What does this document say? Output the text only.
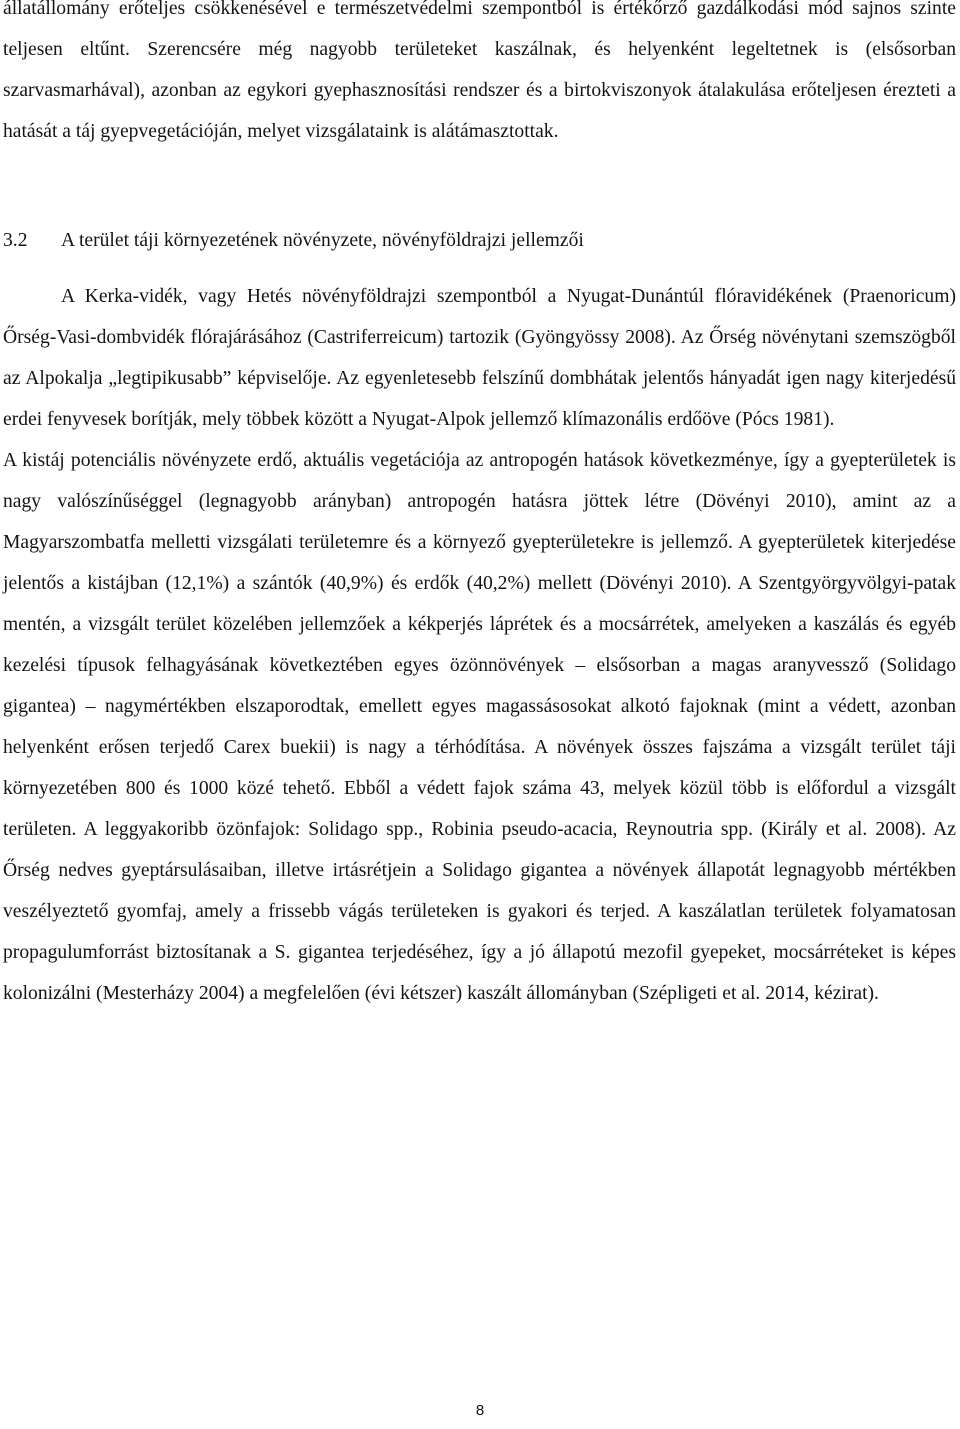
állatállomány erőteljes csökkenésével e természetvédelmi szempontból is értékőrző gazdálkodási mód sajnos szinte teljesen eltűnt. Szerencsére még nagyobb területeket kaszálnak, és helyenként legeltetnek is (elsősorban szarvasmarhával), azonban az egykori gyephasznosítási rendszer és a birtokviszonyok átalakulása erőteljesen érezteti a hatását a táj gyepvegetációján, melyet vizsgálataink is alátámasztottak.

3.2 A terület táji környezetének növényzete, növényföldrajzi jellemzői

A Kerka-vidék, vagy Hetés növényföldrajzi szempontból a Nyugat-Dunántúl flóravidékének (Praenoricum) Őrség-Vasi-dombvidék flórajárásához (Castriferreicum) tartozik (Gyöngyössy 2008). Az Őrség növénytani szemszögből az Alpokalja „legtipikusabb” képviselője. Az egyenletesebb felszínű dombhátak jelentős hányadát igen nagy kiterjedésű erdei fenyvesek borítják, mely többek között a Nyugat-Alpok jellemző klímazonális erdőöve (Pócs 1981).

A kistáj potenciális növényzete erdő, aktuális vegetációja az antropogén hatások következménye, így a gyepterületek is nagy valószínűséggel (legnagyobb arányban) antropogén hatásra jöttek létre (Dövényi 2010), amint az a Magyarszombatfa melletti vizsgálati területemre és a környező gyepterületekre is jellemző. A gyepterületek kiterjedése jelentős a kistájban (12,1%) a szántók (40,9%) és erdők (40,2%) mellett (Dövényi 2010). A Szentgyörgyvölgyi-patak mentén, a vizsgált terület közelében jellemzőek a kékperjés láprétek és a mocsárrétek, amelyeken a kaszálás és egyéb kezelési típusok felhagyásának következtében egyes özönnövények – elsősorban a magas aranyvessző (Solidago gigantea) – nagymértékben elszaporodtak, emellett egyes magassásosokat alkotó fajoknak (mint a védett, azonban helyenként erősen terjedő Carex buekii) is nagy a térhódítása. A növények összes fajszáma a vizsgált terület táji környezetében 800 és 1000 közé tehető. Ebből a védett fajok száma 43, melyek közül több is előfordul a vizsgált területen. A leggyakoribb özönfajok: Solidago spp., Robinia pseudo-acacia, Reynoutria spp. (Király et al. 2008). Az Őrség nedves gyeptársulásaiban, illetve irtásrétjein a Solidago gigantea a növények állapotát legnagyobb mértékben veszélyeztető gyomfaj, amely a frissebb vágás területeken is gyakori és terjed. A kaszálatlan területek folyamatosan propagulumforrást biztosítanak a S. gigantea terjedéséhez, így a jó állapotú mezofil gyepeket, mocsárréteket is képes kolonizálni (Mesterházy 2004) a megfelelően (évi kétszer) kaszált állományban (Szépligeti et al. 2014, kézirat).

8
